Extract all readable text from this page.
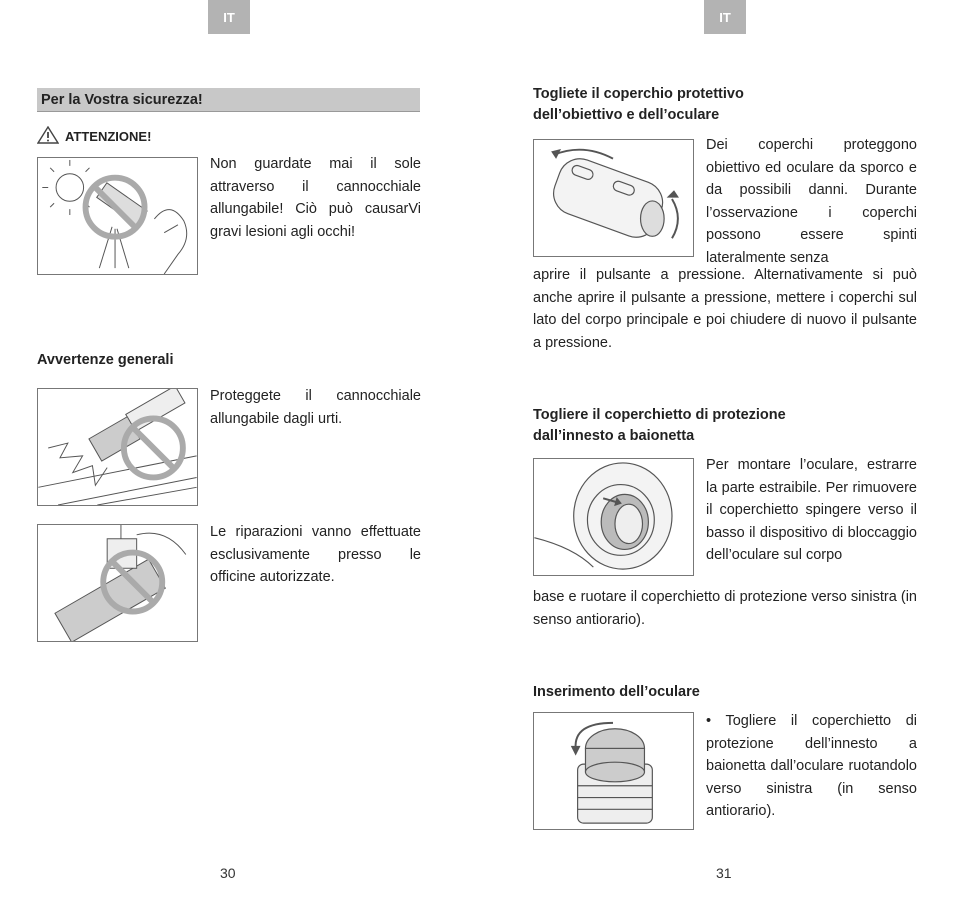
IT	IT
Per la Vostra sicurezza!
ATTENZIONE!
Non guardate mai il sole attraverso il cannocchiale allungabile! Ciò può causarVi gravi lesioni agli occhi!
Avvertenze generali
Proteggete il cannocchiale allungabile dagli urti.
Le riparazioni vanno effettuate esclusivamente presso le officine autorizzate.
30
Togliete il coperchio protettivo
dell’obiettivo e dell’oculare
Dei coperchi proteggono obiettivo ed oculare da sporco e da possibili danni. Durante l’osservazione i coperchi possono essere spinti lateralmente senza
aprire il pulsante a pressione. Alternativamente si può anche aprire il pulsante a pressione, mettere i coperchi sul lato del corpo principale e poi chiudere di nuovo il pulsante a pressione.
Togliere il coperchietto di protezione
dall’innesto a baionetta
Per montare l’oculare, estrarre la parte estraibile. Per rimuovere il coperchietto spingere verso il basso il dispositivo di bloccaggio dell’oculare sul corpo
base e ruotare il coperchietto di protezione verso sinistra (in senso antiorario).
Inserimento dell’oculare
• Togliere il coperchietto di protezione dell’innesto a baionetta dall’oculare ruotandolo verso sinistra (in senso antiorario).
31
